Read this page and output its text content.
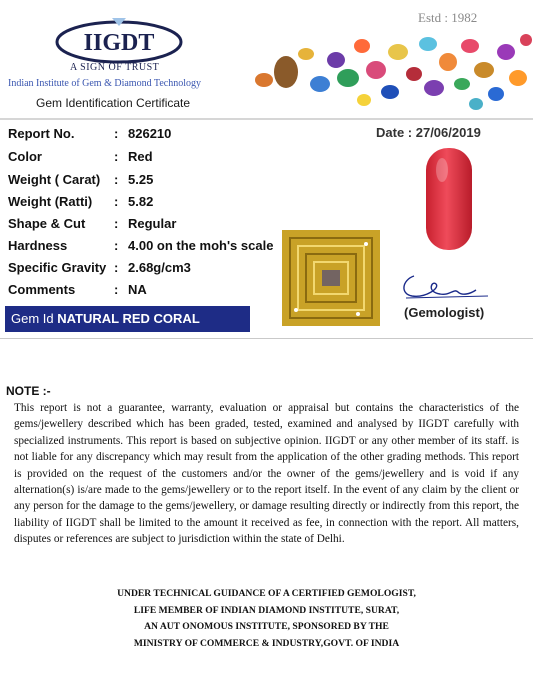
IIGDT
A SIGN OF TRUST
Indian Institute of Gem & Diamond Technology
Gem Identification Certificate
Estd : 1982
Date : 27/06/2019
Report No.	: 826210
Color	: Red
Weight ( Carat) : 5.25
Weight (Ratti) : 5.82
Shape & Cut : Regular
Hardness	: 4.00 on the moh's scale
Specific Gravity : 2.68g/cm3
Comments	: NA
Gem Id NATURAL RED CORAL	(Gemologist)
NOTE :-
This report is not a guarantee, warranty, evaluation or appraisal but contains the characteristics of the gems/jewellery described which has been graded, tested, examined and analysed by IIGDT carefully with specialized instruments. This report is based on subjective opinion. IIGDT or any other member of its staff. is not liable for any discrepancy which may result from the application of the other grading methods. This report is provided on the request of the customers and/or the owner of the gems/jewellery and is void if any alternation(s) is/are made to the gems/jewellery or to the report itself. In the event of any claim by the client or any person for the damage to the gems/jewellery, or damage resulting directly or indirectly from this report, the liability of IIGDT shall be limited to the amount it received as fee, in connection with the report. All matters, disputes or references are subject to jurisdiction within the state of Delhi.
UNDER TECHNICAL GUIDANCE OF A CERTIFIED GEMOLOGIST,
LIFE MEMBER OF INDIAN DIAMOND INSTITUTE, SURAT,
AN AUT ONOMOUS INSTITUTE, SPONSORED BY THE
MINISTRY OF COMMERCE & INDUSTRY,GOVT. OF INDIA
